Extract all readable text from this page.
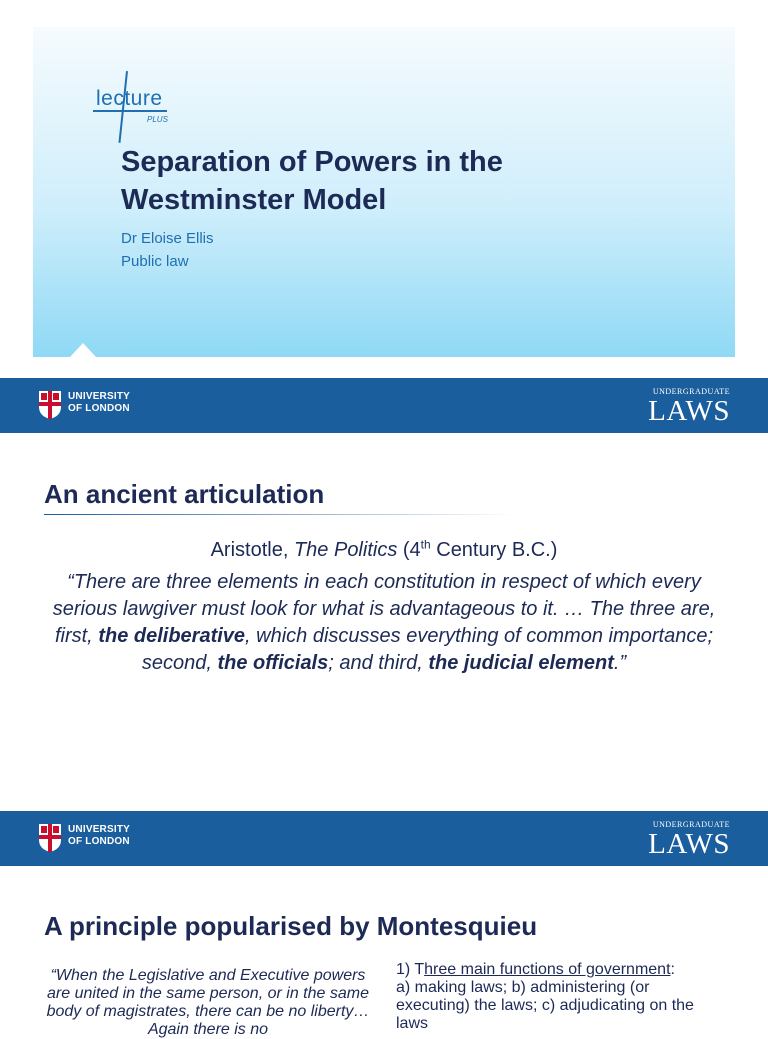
lecture
PLUS
Separation of Powers in the Westminster Model
Dr Eloise Ellis
Public law
UNIVERSITY
OF LONDON
UNDERGRADUATE
LAWS
An ancient articulation
Aristotle, The Politics (4th Century B.C.)

“There are three elements in each constitution in respect of which every serious lawgiver must look for what is advantageous to it. … The three are, first, the deliberative, which discusses everything of common importance; second, the officials; and third, the judicial element.”

UNIVERSITY
OF LONDON
UNDERGRADUATE
LAWS
A principle popularised by Montesquieu

“When the Legislative and Executive powers are united in the same person, or in the same body of magistrates, there can be no liberty… Again there is no

1) Three main functions of government:
a) making laws; b) administering (or executing) the laws; c) adjudicating on the laws
